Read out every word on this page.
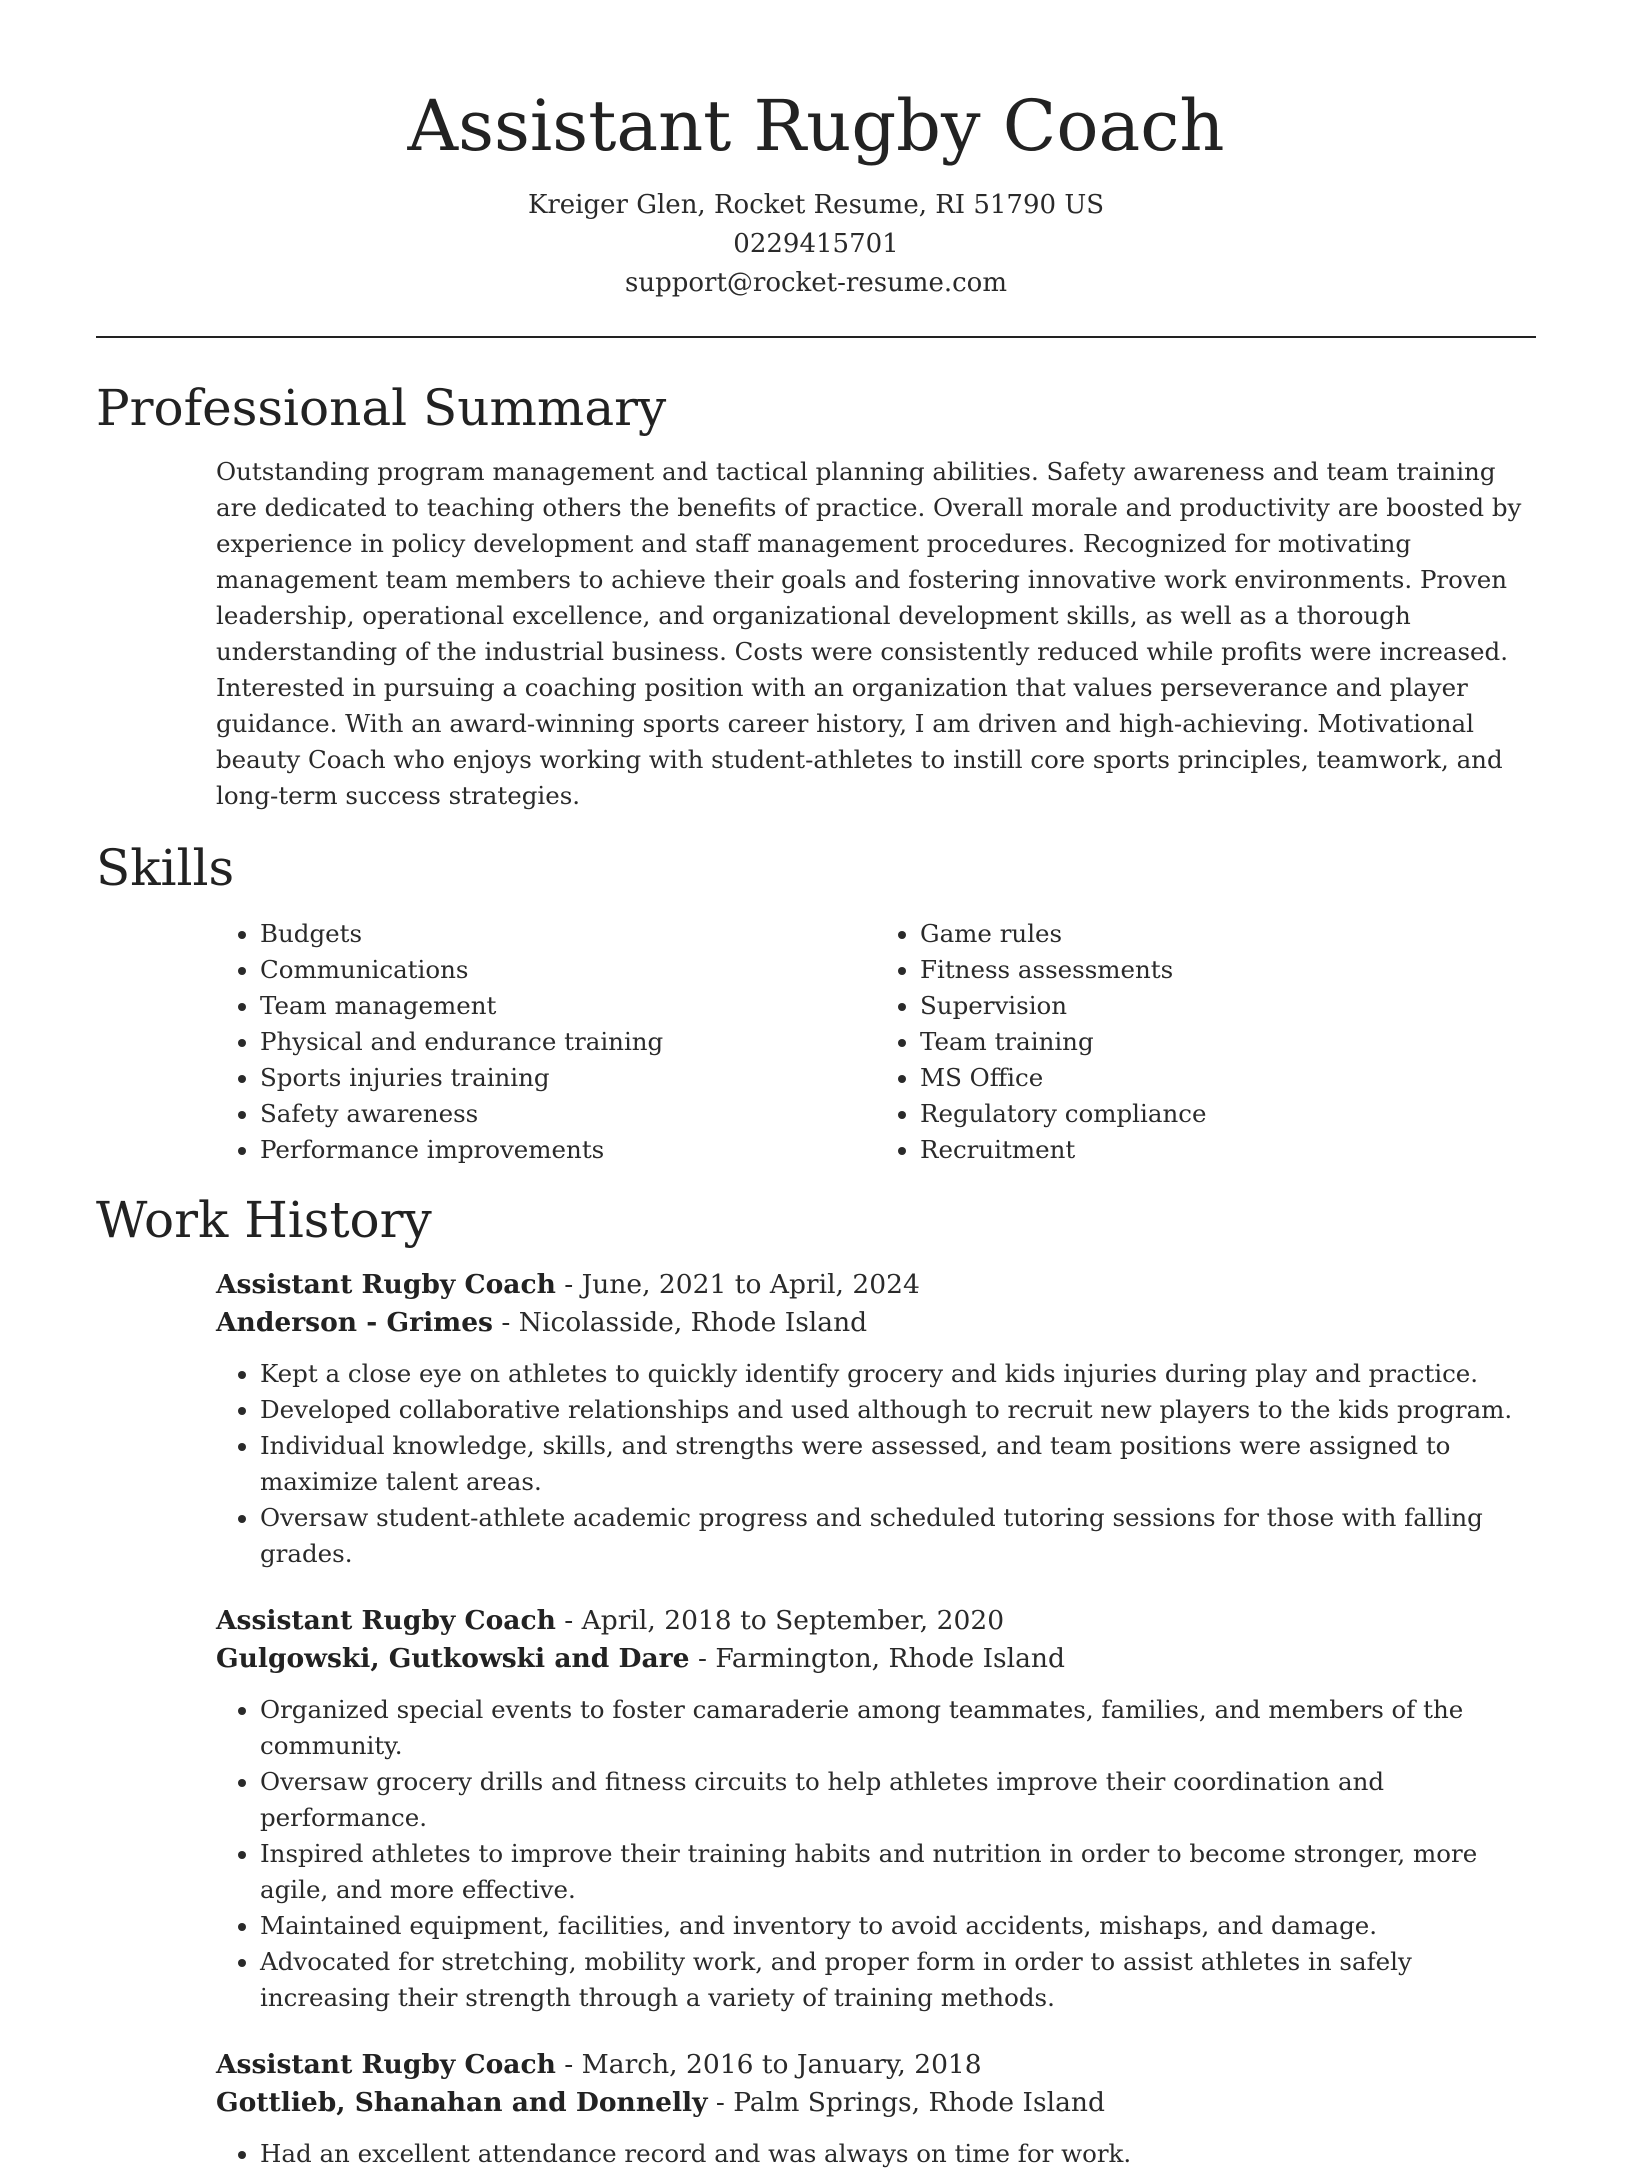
Assistant Rugby Coach
Kreiger Glen, Rocket Resume, RI 51790 US
0229415701
support@rocket-resume.com
Professional Summary
Outstanding program management and tactical planning abilities. Safety awareness and team training are dedicated to teaching others the benefits of practice. Overall morale and productivity are boosted by experience in policy development and staff management procedures. Recognized for motivating management team members to achieve their goals and fostering innovative work environments. Proven leadership, operational excellence, and organizational development skills, as well as a thorough understanding of the industrial business. Costs were consistently reduced while profits were increased. Interested in pursuing a coaching position with an organization that values perseverance and player guidance. With an award-winning sports career history, I am driven and high-achieving. Motivational beauty Coach who enjoys working with student-athletes to instill core sports principles, teamwork, and long-term success strategies.
Skills
• Budgets
• Communications
• Team management
• Physical and endurance training
• Sports injuries training
• Safety awareness
• Performance improvements
• Game rules
• Fitness assessments
• Supervision
• Team training
• MS Office
• Regulatory compliance
• Recruitment
Work History
Assistant Rugby Coach - June, 2021 to April, 2024
Anderson - Grimes - Nicolasside, Rhode Island
• Kept a close eye on athletes to quickly identify grocery and kids injuries during play and practice.
• Developed collaborative relationships and used although to recruit new players to the kids program.
• Individual knowledge, skills, and strengths were assessed, and team positions were assigned to maximize talent areas.
• Oversaw student-athlete academic progress and scheduled tutoring sessions for those with falling grades.
Assistant Rugby Coach - April, 2018 to September, 2020
Gulgowski, Gutkowski and Dare - Farmington, Rhode Island
• Organized special events to foster camaraderie among teammates, families, and members of the community.
• Oversaw grocery drills and fitness circuits to help athletes improve their coordination and performance.
• Inspired athletes to improve their training habits and nutrition in order to become stronger, more agile, and more effective.
• Maintained equipment, facilities, and inventory to avoid accidents, mishaps, and damage.
• Advocated for stretching, mobility work, and proper form in order to assist athletes in safely increasing their strength through a variety of training methods.
Assistant Rugby Coach - March, 2016 to January, 2018
Gottlieb, Shanahan and Donnelly - Palm Springs, Rhode Island
• Had an excellent attendance record and was always on time for work.
